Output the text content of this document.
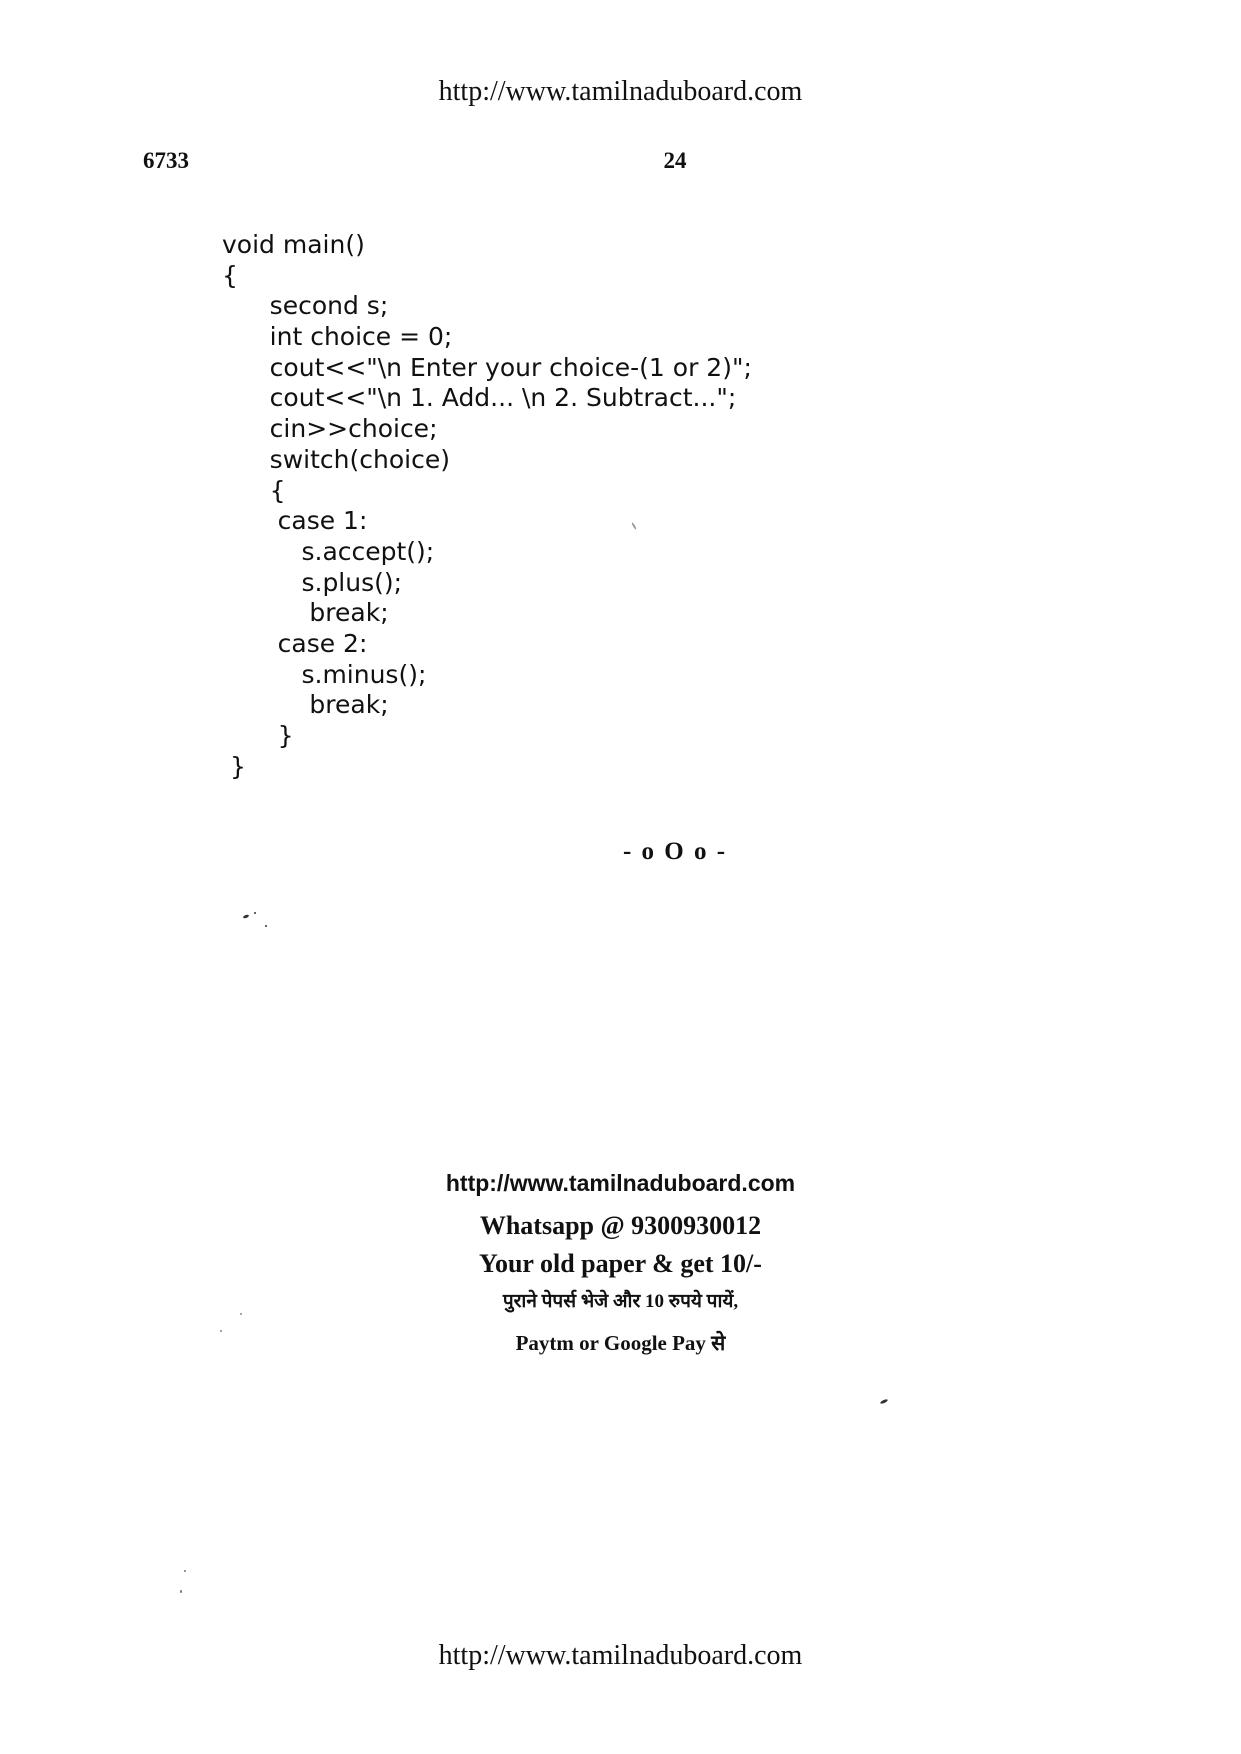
http://www.tamilnaduboard.com
6733	24
void main()
{
second s;
int choice = 0;
cout<<"\n Enter your choice-(1 or 2)";
cout<<"\n 1. Add... \n 2. Subtract...";
cin>>choice;
switch(choice)
{
case 1:
s.accept();
s.plus();
break;
case 2:
s.minus();
break;
}
}
- o O o -
http://www.tamilnaduboard.com
Whatsapp @ 9300930012
Your old paper & get 10/-
पुराने पेपर्स भेजे और 10 रुपये पायें,
Paytm or Google Pay से
http://www.tamilnaduboard.com
